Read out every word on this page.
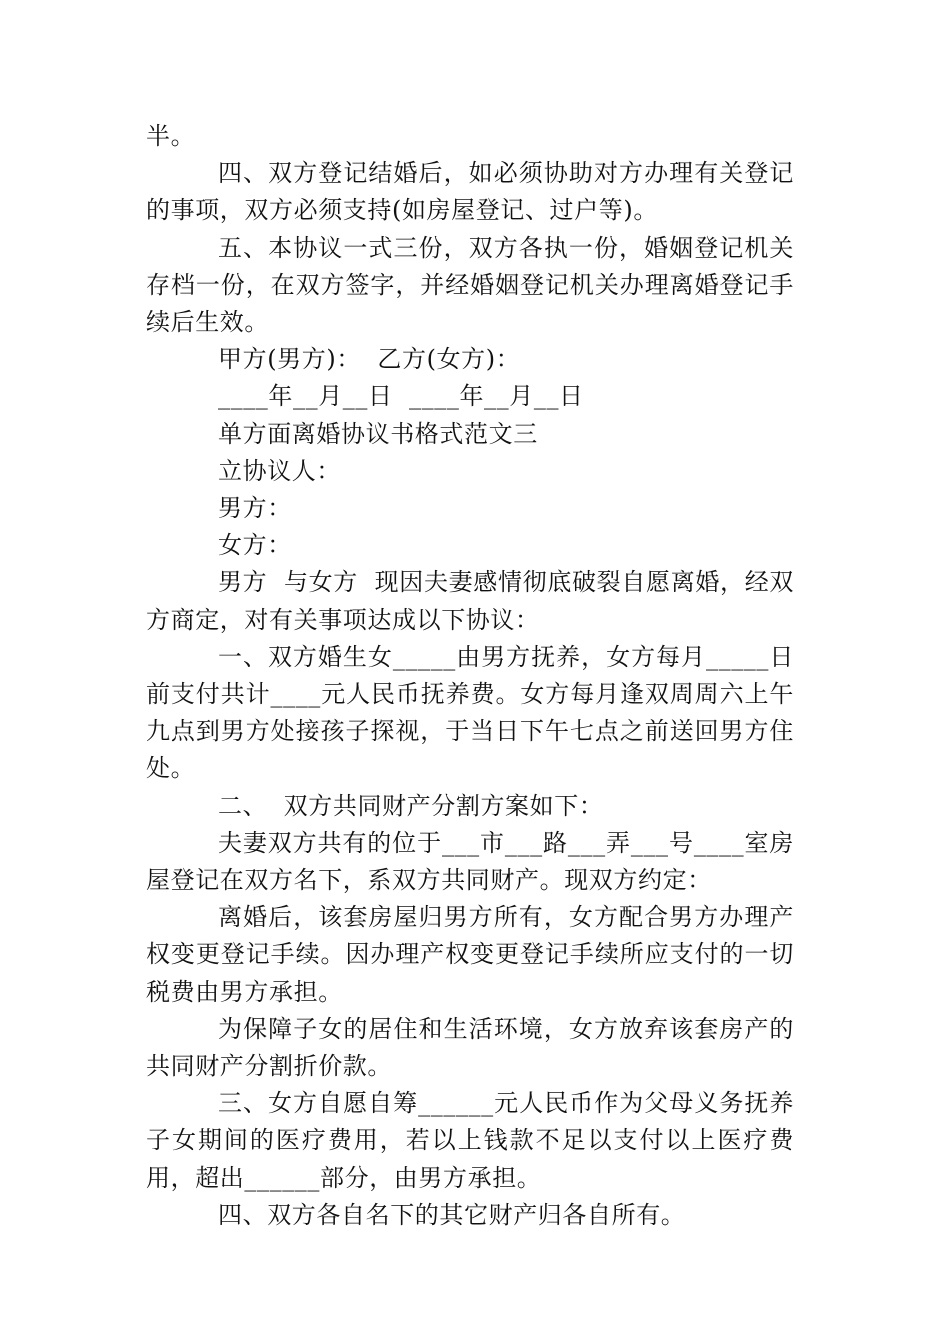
半。

四、双方登记结婚后，如必须协助对方办理有关登记的事项，双方必须支持(如房屋登记、过户等)。

五、本协议一式三份，双方各执一份，婚姻登记机关存档一份，在双方签字，并经婚姻登记机关办理离婚登记手续后生效。

甲方(男方)：  乙方(女方)：

____年__月__日  ____年__月__日

单方面离婚协议书格式范文三

立协议人：

男方：

女方：

男方  与女方  现因夫妻感情彻底破裂自愿离婚，经双方商定，对有关事项达成以下协议：

一、双方婚生女_____由男方抚养，女方每月_____日前支付共计____元人民币抚养费。女方每月逢双周周六上午九点到男方处接孩子探视，于当日下午七点之前送回男方住处。

二、  双方共同财产分割方案如下：

夫妻双方共有的位于___市___路___弄___号____室房屋登记在双方名下，系双方共同财产。现双方约定：

离婚后，该套房屋归男方所有，女方配合男方办理产权变更登记手续。因办理产权变更登记手续所应支付的一切税费由男方承担。

为保障子女的居住和生活环境，女方放弃该套房产的共同财产分割折价款。

三、女方自愿自筹______元人民币作为父母义务抚养子女期间的医疗费用，若以上钱款不足以支付以上医疗费用，超出______部分，由男方承担。

四、双方各自名下的其它财产归各自所有。
